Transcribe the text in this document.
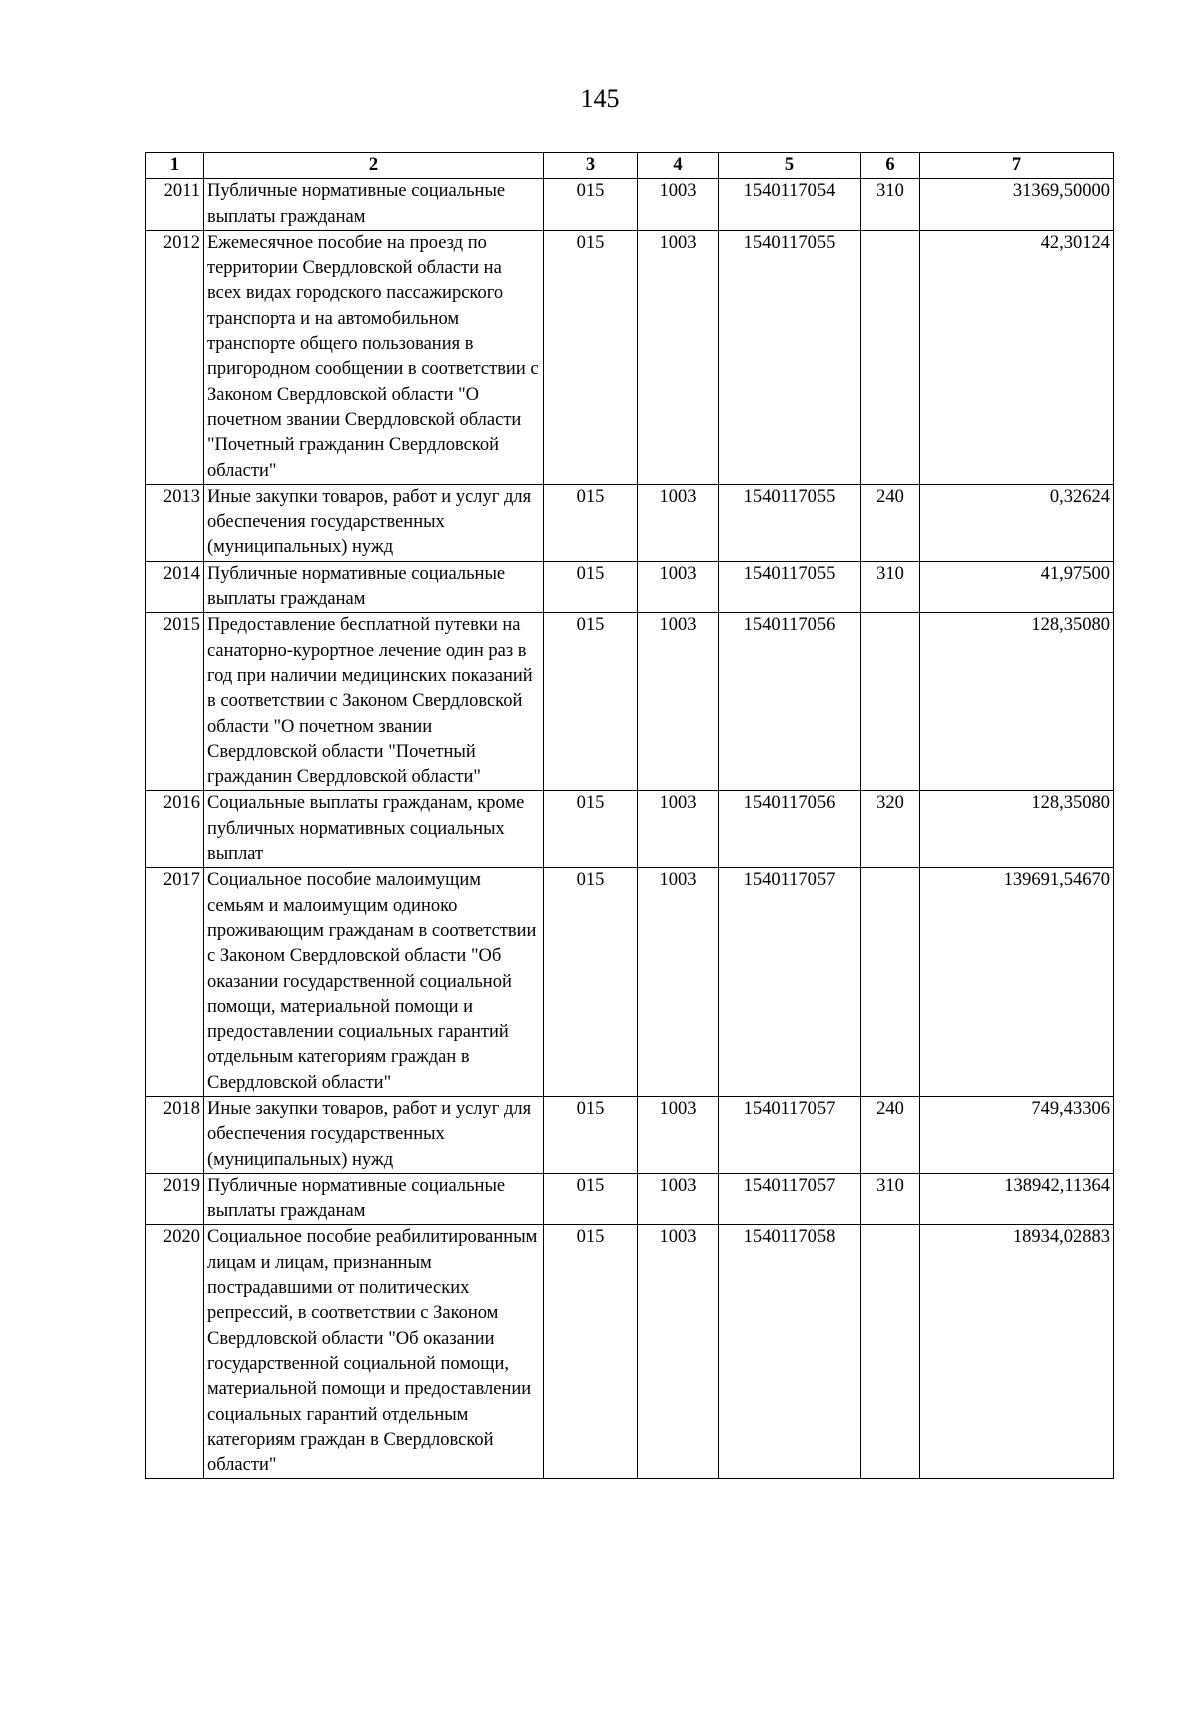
145
1	2	3	4	5	6	7
2011	Публичные нормативные социальные выплаты гражданам	015	1003	1540117054	310	31369,50000
2012	Ежемесячное пособие на проезд по территории Свердловской области на всех видах городского пассажирского транспорта и на автомобильном транспорте общего пользования в пригородном сообщении в соответствии с Законом Свердловской области "О почетном звании Свердловской области "Почетный гражданин Свердловской области"	015	1003	1540117055		42,30124
2013	Иные закупки товаров, работ и услуг для обеспечения государственных (муниципальных) нужд	015	1003	1540117055	240	0,32624
2014	Публичные нормативные социальные выплаты гражданам	015	1003	1540117055	310	41,97500
2015	Предоставление бесплатной путевки на санаторно-курортное лечение один раз в год при наличии медицинских показаний в соответствии с Законом Свердловской области "О почетном звании Свердловской области "Почетный гражданин Свердловской области"	015	1003	1540117056		128,35080
2016	Социальные выплаты гражданам, кроме публичных нормативных социальных выплат	015	1003	1540117056	320	128,35080
2017	Социальное пособие малоимущим семьям и малоимущим одиноко проживающим гражданам в соответствии с Законом Свердловской области "Об оказании государственной социальной помощи, материальной помощи и предоставлении социальных гарантий отдельным категориям граждан в Свердловской области"	015	1003	1540117057		139691,54670
2018	Иные закупки товаров, работ и услуг для обеспечения государственных (муниципальных) нужд	015	1003	1540117057	240	749,43306
2019	Публичные нормативные социальные выплаты гражданам	015	1003	1540117057	310	138942,11364
2020	Социальное пособие реабилитированным лицам и лицам, признанным пострадавшими от политических репрессий, в соответствии с Законом Свердловской области "Об оказании государственной социальной помощи, материальной помощи и предоставлении социальных гарантий отдельным категориям граждан в Свердловской области"	015	1003	1540117058		18934,02883
